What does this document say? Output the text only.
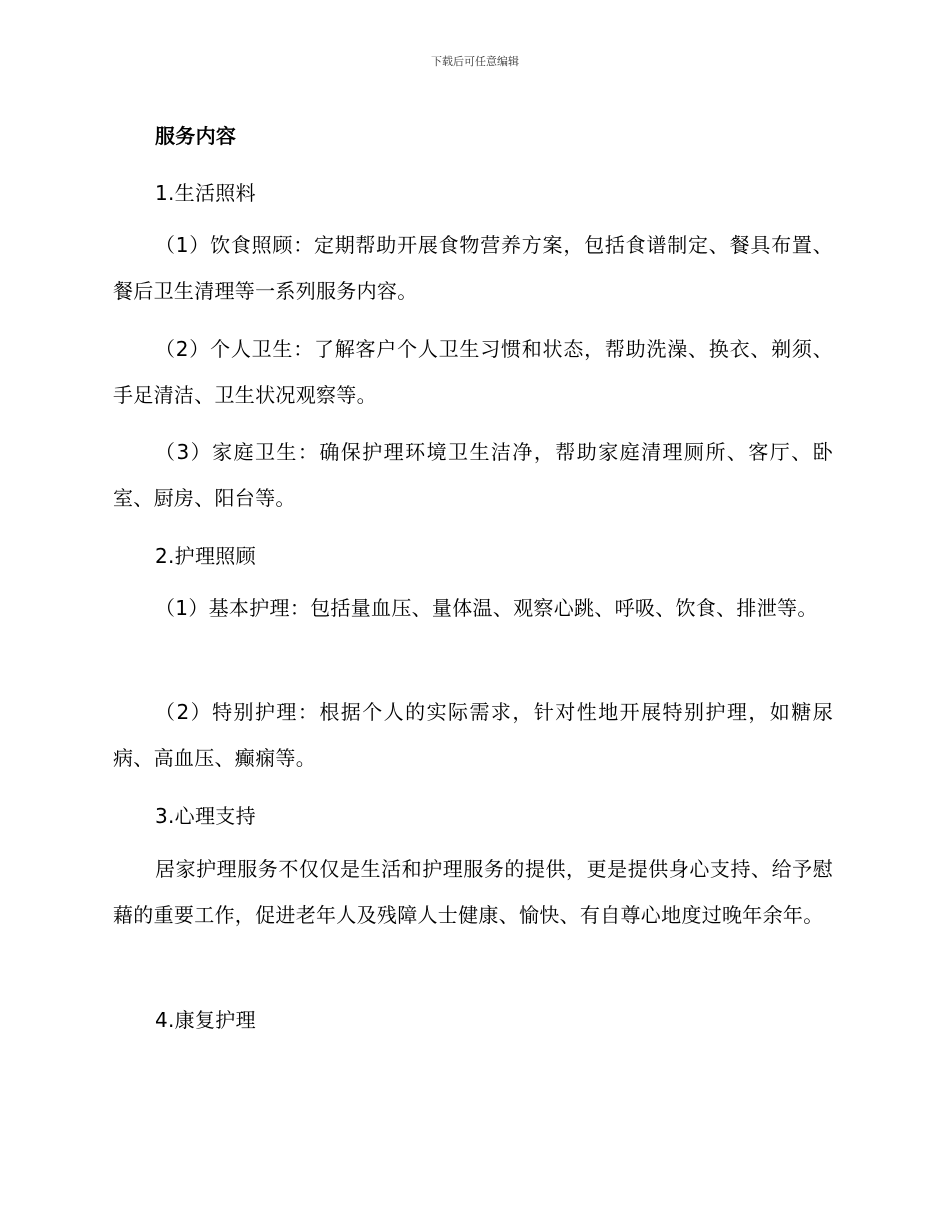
下载后可任意编辑

服务内容

1.生活照料

（1）饮食照顾：定期帮助开展食物营养方案，包括食谱制定、餐具布置、餐后卫生清理等一系列服务内容。

（2）个人卫生：了解客户个人卫生习惯和状态，帮助洗澡、换衣、剃须、手足清洁、卫生状况观察等。

（3）家庭卫生：确保护理环境卫生洁净，帮助家庭清理厕所、客厅、卧室、厨房、阳台等。

2.护理照顾

（1）基本护理：包括量血压、量体温、观察心跳、呼吸、饮食、排泄等。

（2）特别护理：根据个人的实际需求，针对性地开展特别护理，如糖尿病、高血压、癫痫等。

3.心理支持

居家护理服务不仅仅是生活和护理服务的提供，更是提供身心支持、给予慰藉的重要工作，促进老年人及残障人士健康、愉快、有自尊心地度过晚年余年。

4.康复护理
